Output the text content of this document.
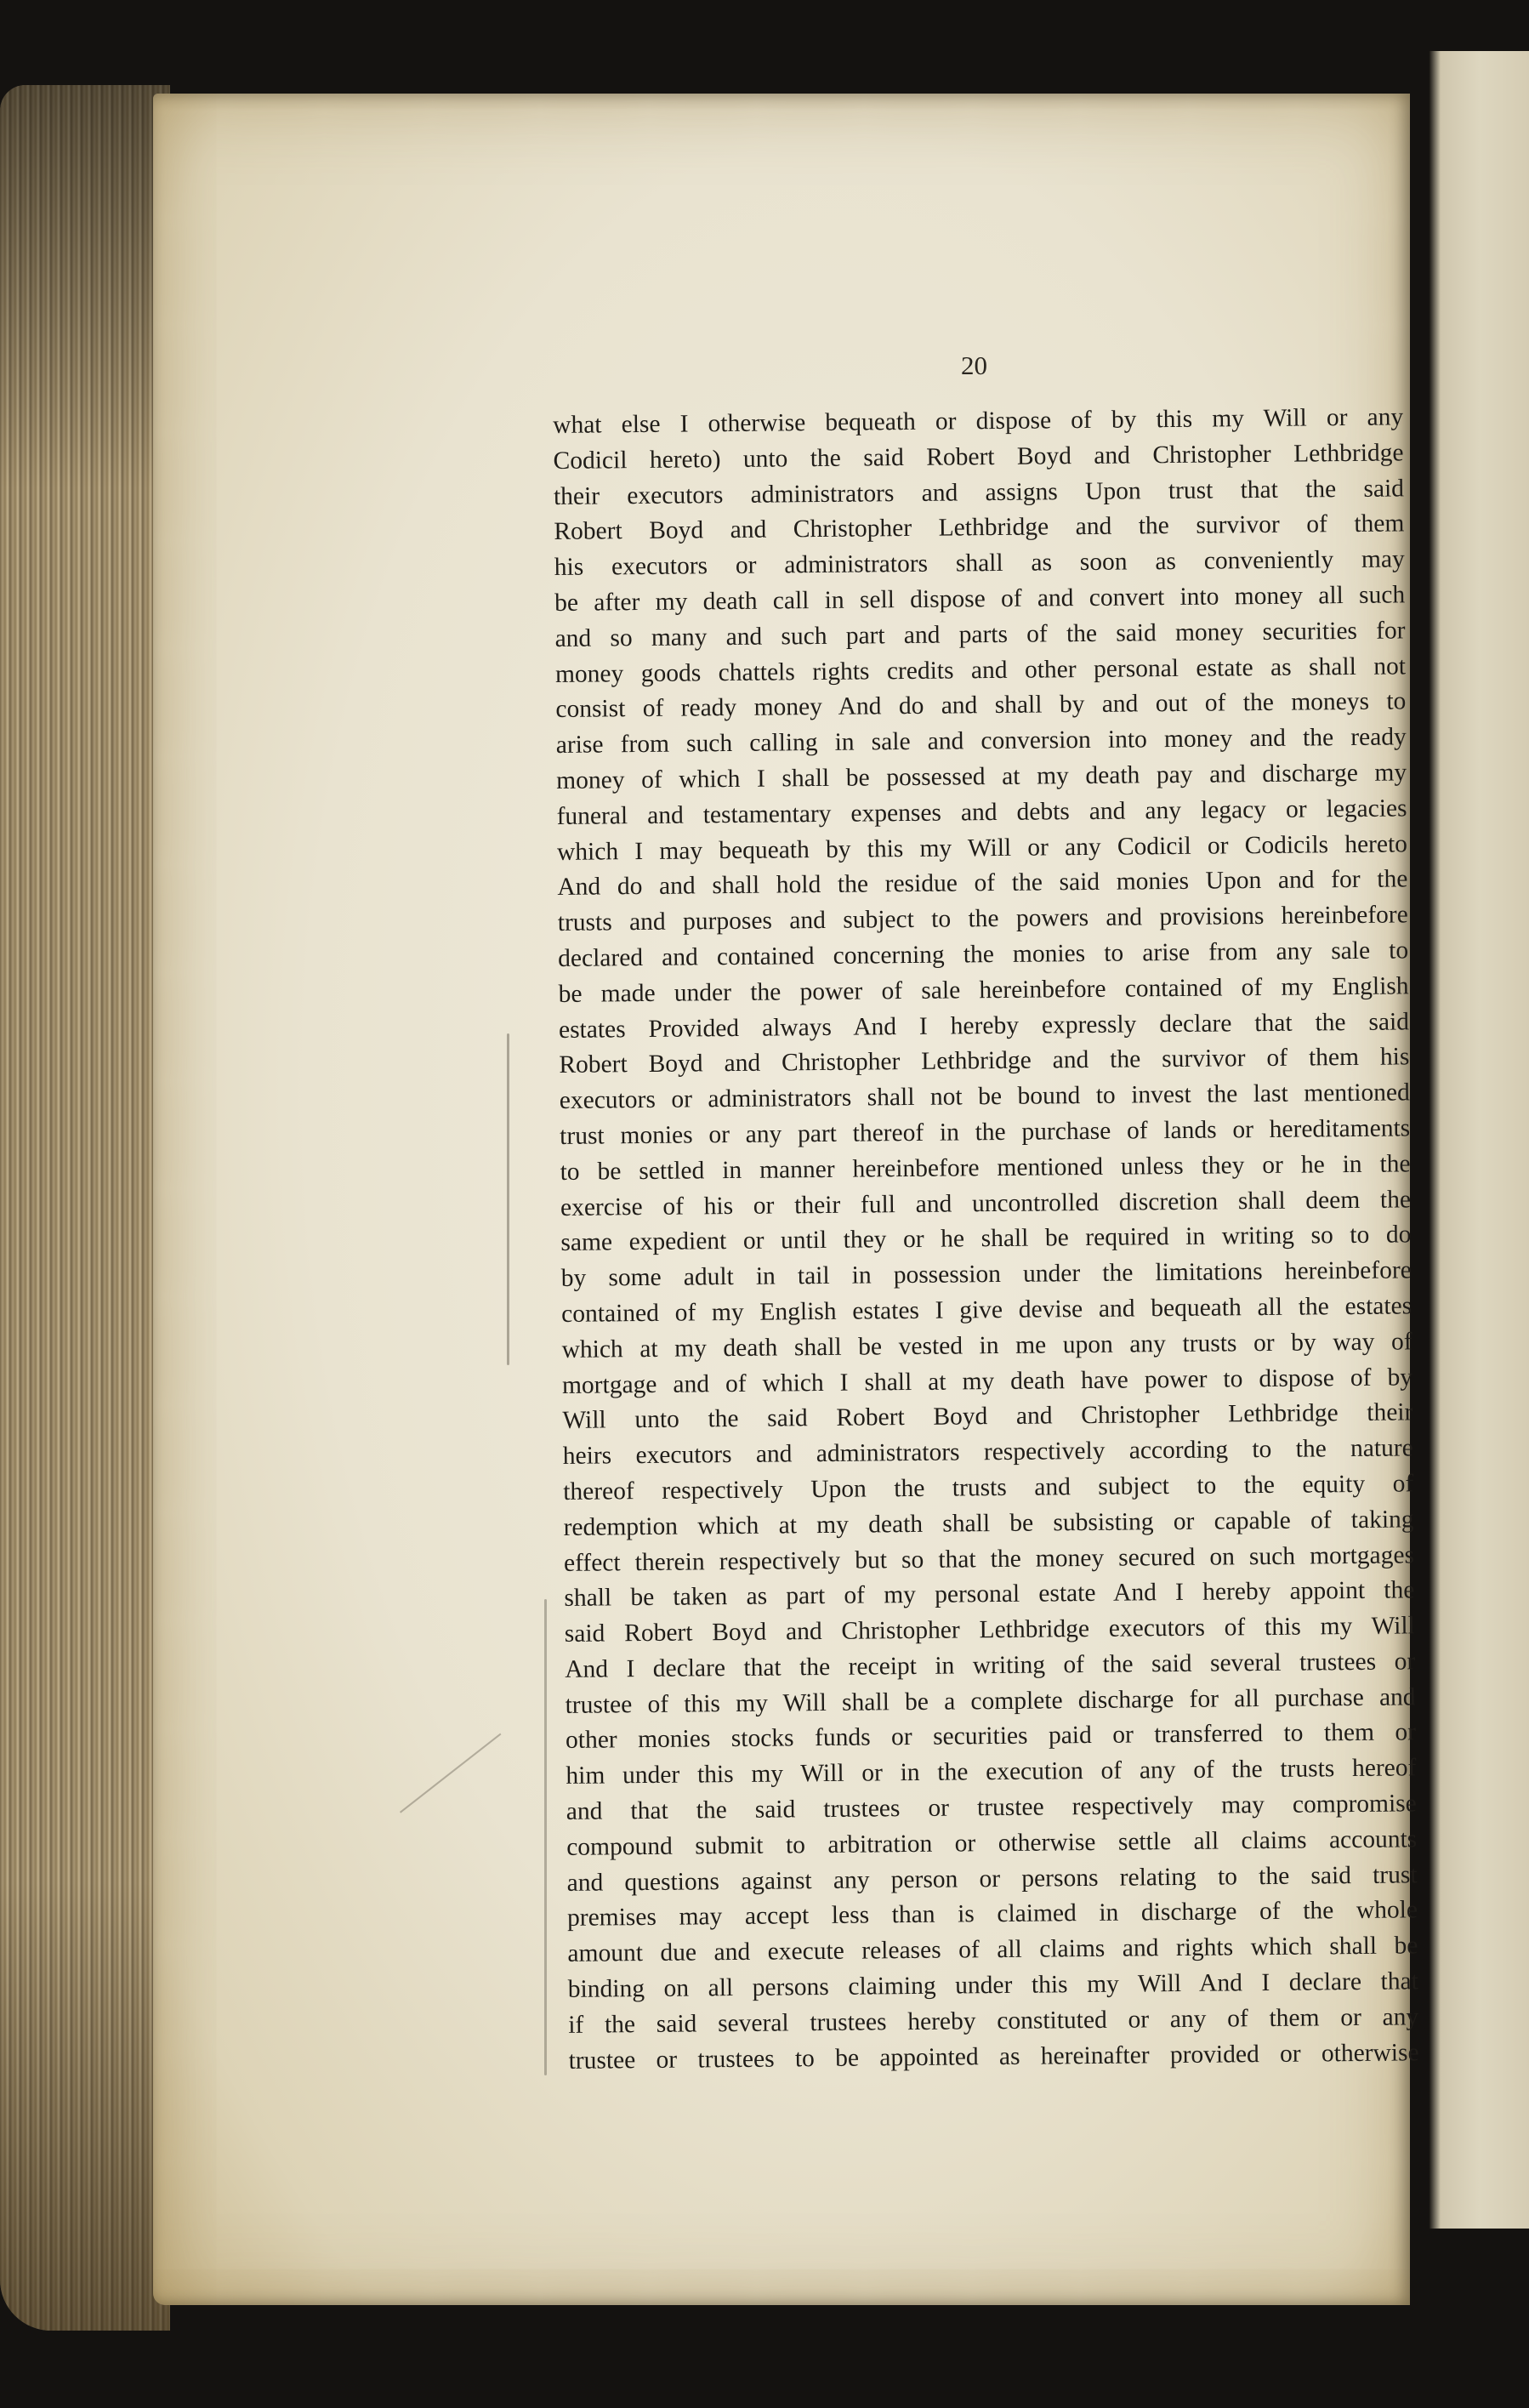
20
what else I otherwise bequeath or dispose of by this my Will or any
Codicil hereto) unto the said Robert Boyd and Christopher Lethbridge
their executors administrators and assigns Upon trust that the said
Robert Boyd and Christopher Lethbridge and the survivor of them
his executors or administrators shall as soon as conveniently may
be after my death call in sell dispose of and convert into money all such
and so many and such part and parts of the said money securities for
money goods chattels rights credits and other personal estate as shall not
consist of ready money And do and shall by and out of the moneys to
arise from such calling in sale and conversion into money and the ready
money of which I shall be possessed at my death pay and discharge my
funeral and testamentary expenses and debts and any legacy or legacies
which I may bequeath by this my Will or any Codicil or Codicils hereto
And do and shall hold the residue of the said monies Upon and for the
trusts and purposes and subject to the powers and provisions hereinbefore
declared and contained concerning the monies to arise from any sale to
be made under the power of sale hereinbefore contained of my English
estates Provided always And I hereby expressly declare that the said
Robert Boyd and Christopher Lethbridge and the survivor of them his
executors or administrators shall not be bound to invest the last mentioned
trust monies or any part thereof in the purchase of lands or hereditaments
to be settled in manner hereinbefore mentioned unless they or he in the
exercise of his or their full and uncontrolled discretion shall deem the
same expedient or until they or he shall be required in writing so to do
by some adult in tail in possession under the limitations hereinbefore
contained of my English estates I give devise and bequeath all the estates
which at my death shall be vested in me upon any trusts or by way of
mortgage and of which I shall at my death have power to dispose of by
Will unto the said Robert Boyd and Christopher Lethbridge their
heirs executors and administrators respectively according to the nature
thereof respectively Upon the trusts and subject to the equity of
redemption which at my death shall be subsisting or capable of taking
effect therein respectively but so that the money secured on such mortgages
shall be taken as part of my personal estate And I hereby appoint the
said Robert Boyd and Christopher Lethbridge executors of this my Will
And I declare that the receipt in writing of the said several trustees or
trustee of this my Will shall be a complete discharge for all purchase and
other monies stocks funds or securities paid or transferred to them or
him under this my Will or in the execution of any of the trusts hereof
and that the said trustees or trustee respectively may compromise
compound submit to arbitration or otherwise settle all claims accounts
and questions against any person or persons relating to the said trust
premises may accept less than is claimed in discharge of the whole
amount due and execute releases of all claims and rights which shall be
binding on all persons claiming under this my Will And I declare that
if the said several trustees hereby constituted or any of them or any
trustee or trustees to be appointed as hereinafter provided or otherwise
